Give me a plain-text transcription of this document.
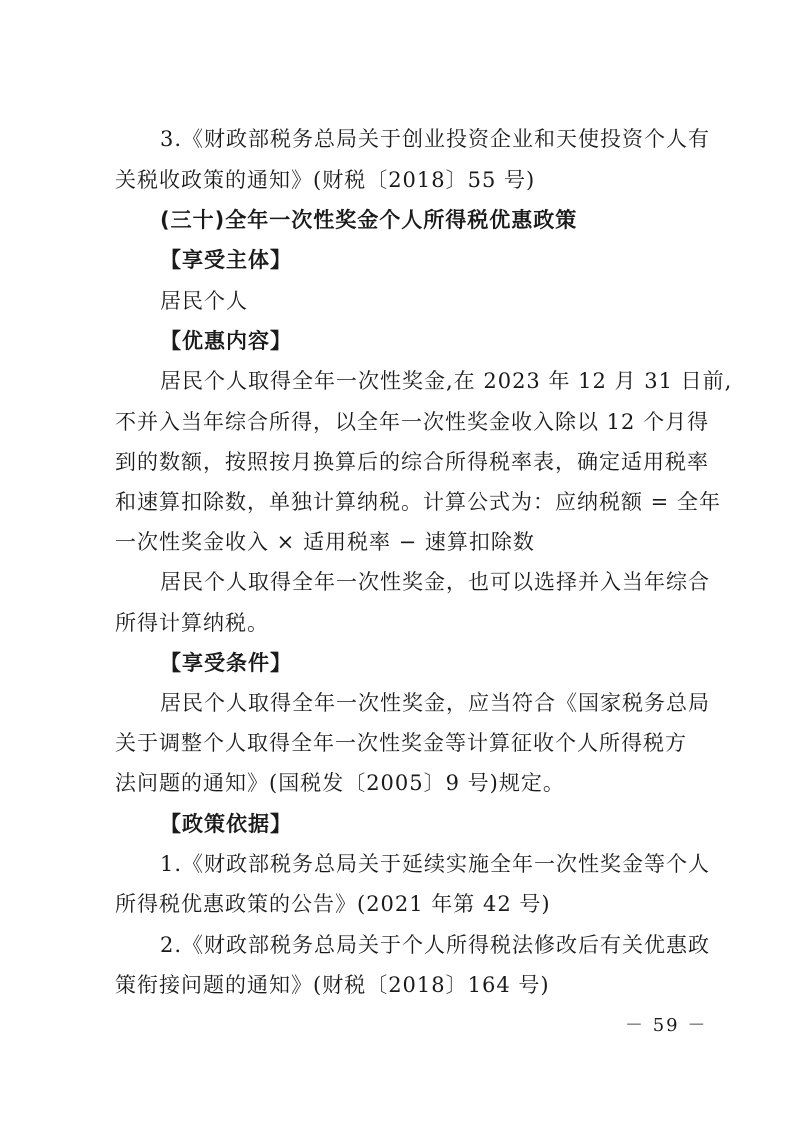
3.《财政部税务总局关于创业投资企业和天使投资个人有
关税收政策的通知》(财税〔2018〕55 号)
(三十)全年一次性奖金个人所得税优惠政策
【享受主体】
居民个人
【优惠内容】
居民个人取得全年一次性奖金,在 2023 年 12 月 31 日前,
不并入当年综合所得，以全年一次性奖金收入除以 12 个月得
到的数额，按照按月换算后的综合所得税率表，确定适用税率
和速算扣除数，单独计算纳税。计算公式为：应纳税额 = 全年
一次性奖金收入 × 适用税率 − 速算扣除数
居民个人取得全年一次性奖金，也可以选择并入当年综合
所得计算纳税。
【享受条件】
居民个人取得全年一次性奖金，应当符合《国家税务总局
关于调整个人取得全年一次性奖金等计算征收个人所得税方
法问题的通知》(国税发〔2005〕9 号)规定。
【政策依据】
1.《财政部税务总局关于延续实施全年一次性奖金等个人
所得税优惠政策的公告》(2021 年第 42 号)
2.《财政部税务总局关于个人所得税法修改后有关优惠政
策衔接问题的通知》(财税〔2018〕164 号)
－ 59 －
